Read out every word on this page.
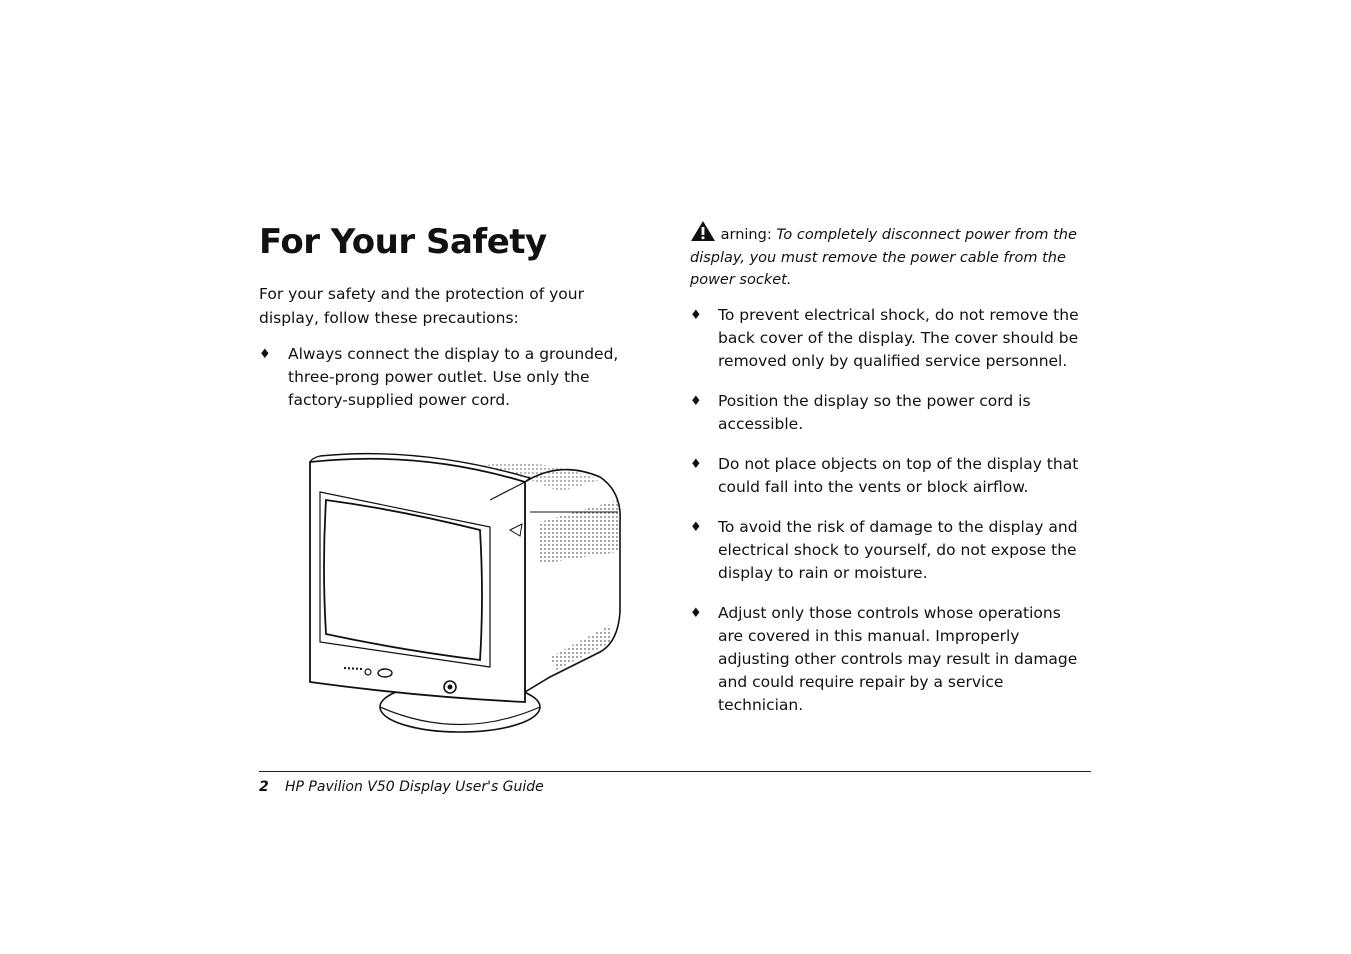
For Your Safety

For your safety and the protection of your display, follow these precautions:

♦	Always connect the display to a grounded, three-prong power outlet. Use only the factory-supplied power cord.
arning: To completely disconnect power from the display, you must remove the power cable from the power socket.
♦	To prevent electrical shock, do not remove the back cover of the display. The cover should be removed only by qualified service personnel.
♦	Position the display so the power cord is accessible.
♦	Do not place objects on top of the display that could fall into the vents or block airflow.
♦	To avoid the risk of damage to the display and electrical shock to yourself, do not expose the display to rain or moisture.
♦	Adjust only those controls whose operations are covered in this manual. Improperly adjusting other controls may result in damage and could require repair by a service technician.
2	HP Pavilion V50 Display User's Guide
